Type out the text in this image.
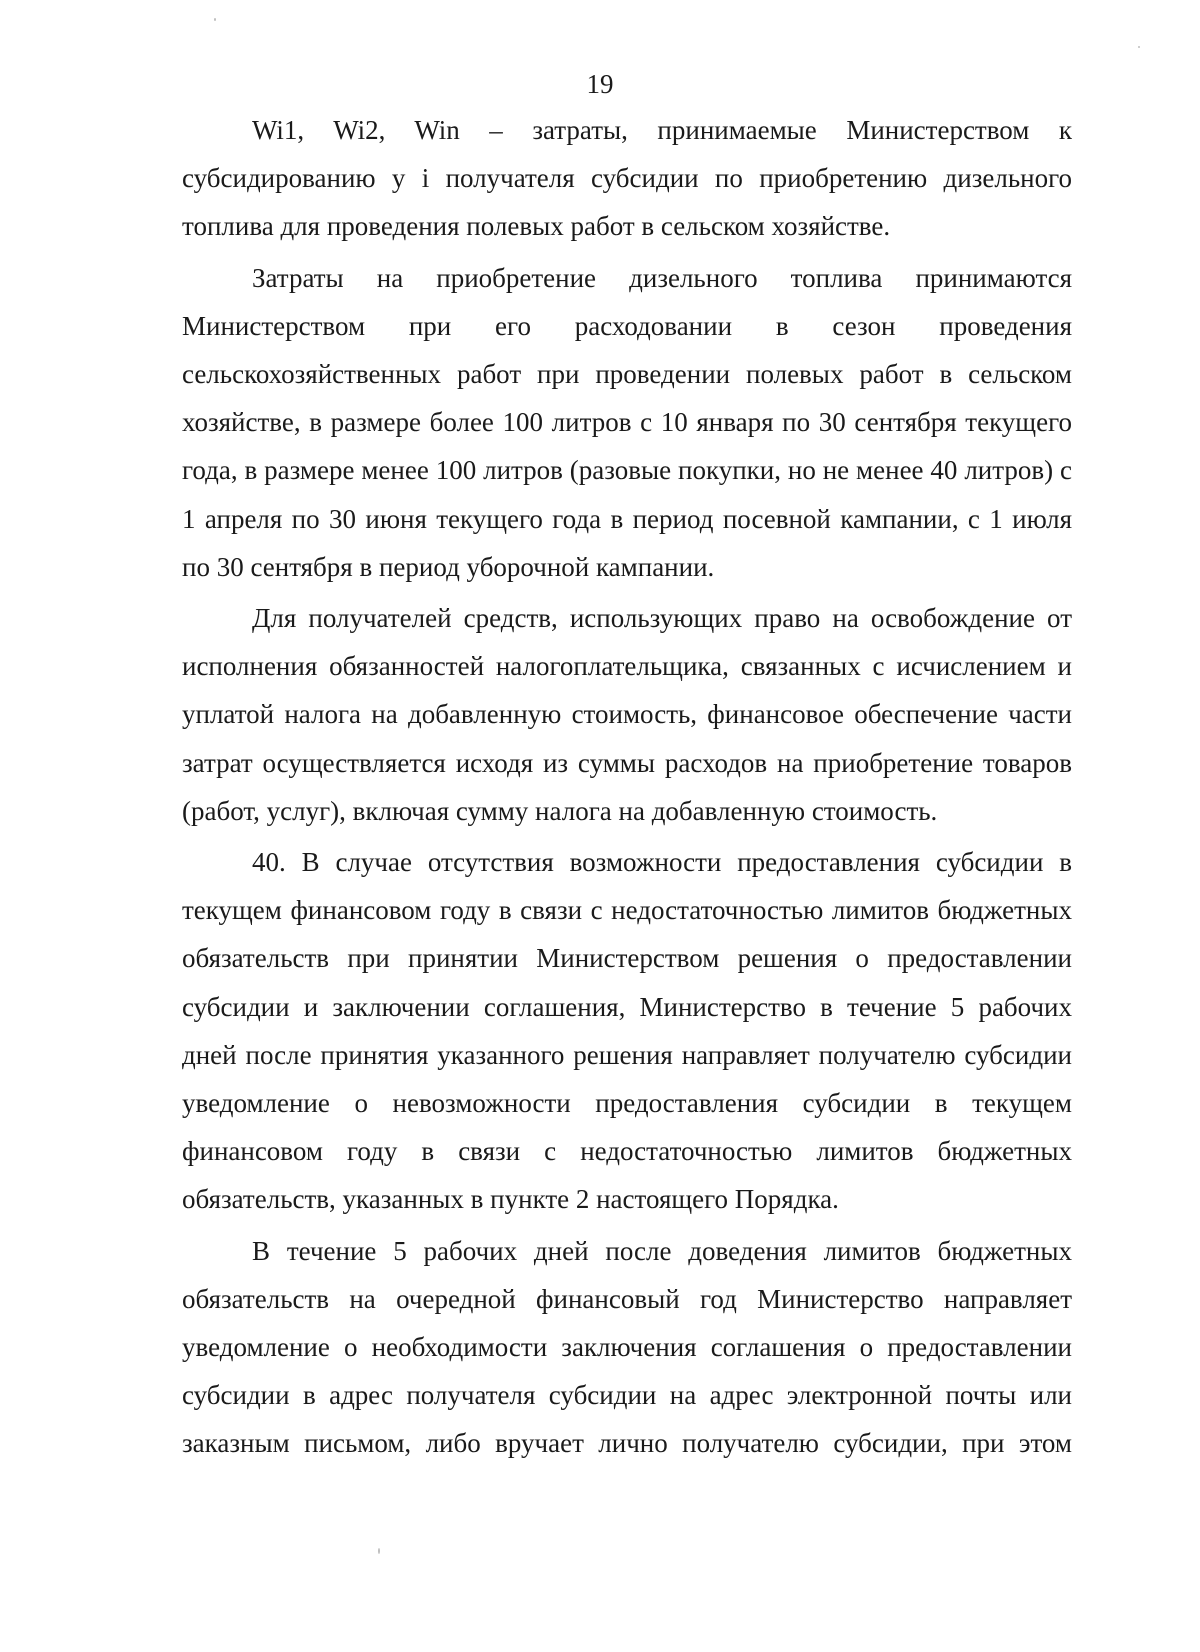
19

Wi1, Wi2, Win – затраты, принимаемые Министерством к субсидированию у i получателя субсидии по приобретению дизельного топлива для проведения полевых работ в сельском хозяйстве.

Затраты на приобретение дизельного топлива принимаются Министерством при его расходовании в сезон проведения сельскохозяйственных работ при проведении полевых работ в сельском хозяйстве, в размере более 100 литров с 10 января по 30 сентября текущего года, в размере менее 100 литров (разовые покупки, но не менее 40 литров) с 1 апреля по 30 июня текущего года в период посевной кампании, с 1 июля по 30 сентября в период уборочной кампании.

Для получателей средств, использующих право на освобождение от исполнения обязанностей налогоплательщика, связанных с исчислением и уплатой налога на добавленную стоимость, финансовое обеспечение части затрат осуществляется исходя из суммы расходов на приобретение товаров (работ, услуг), включая сумму налога на добавленную стоимость.

40. В случае отсутствия возможности предоставления субсидии в текущем финансовом году в связи с недостаточностью лимитов бюджетных обязательств при принятии Министерством решения о предоставлении субсидии и заключении соглашения, Министерство в течение 5 рабочих дней после принятия указанного решения направляет получателю субсидии уведомление о невозможности предоставления субсидии в текущем финансовом году в связи с недостаточностью лимитов бюджетных обязательств, указанных в пункте 2 настоящего Порядка.

В течение 5 рабочих дней после доведения лимитов бюджетных обязательств на очередной финансовый год Министерство направляет уведомление о необходимости заключения соглашения о предоставлении субсидии в адрес получателя субсидии на адрес электронной почты или заказным письмом, либо вручает лично получателю субсидии, при этом
